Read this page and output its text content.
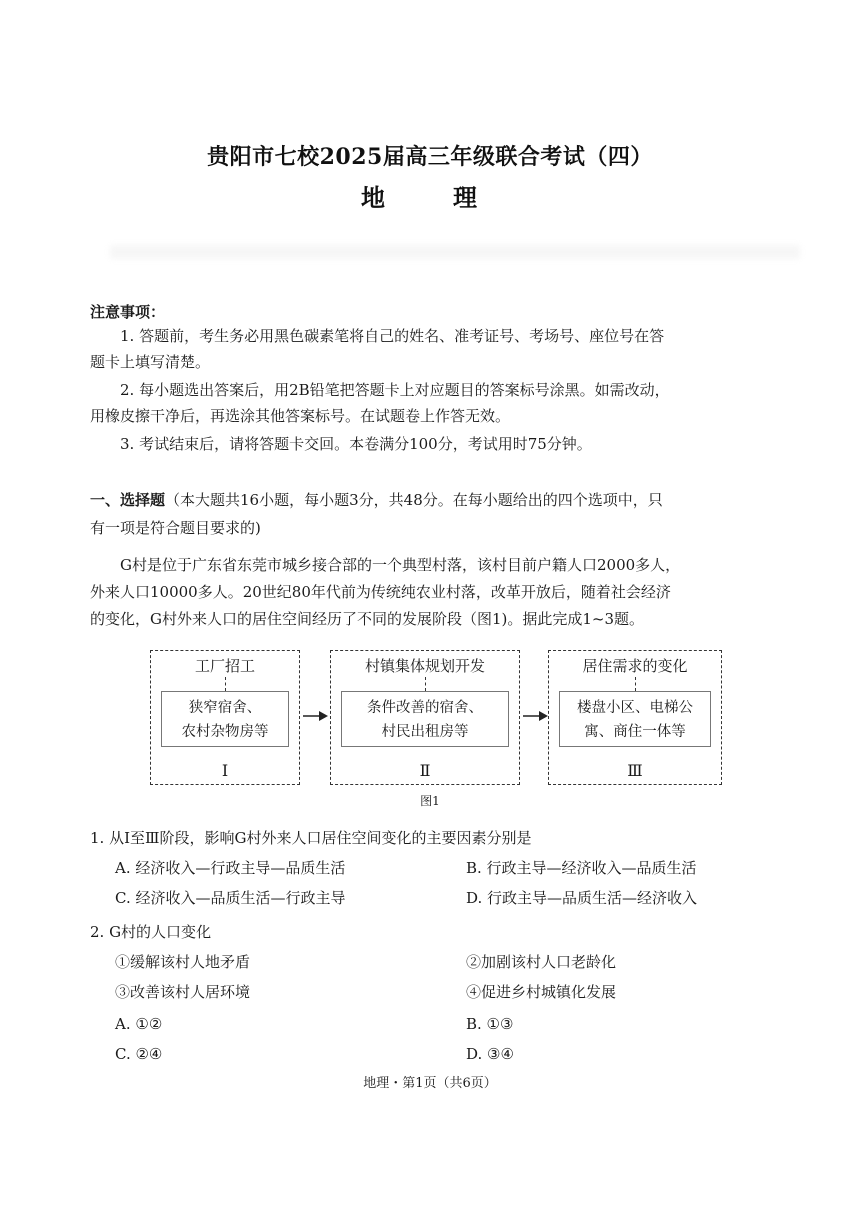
贵阳市七校2025届高三年级联合考试（四）
地　理
注意事项：
1. 答题前，考生务必用黑色碳素笔将自己的姓名、准考证号、考场号、座位号在答
题卡上填写清楚。
2. 每小题选出答案后，用2B铅笔把答题卡上对应题目的答案标号涂黑。如需改动，
用橡皮擦干净后，再选涂其他答案标号。在试题卷上作答无效。
3. 考试结束后，请将答题卡交回。本卷满分100分，考试用时75分钟。
一、选择题（本大题共16小题，每小题3分，共48分。在每小题给出的四个选项中，只
有一项是符合题目要求的)
G村是位于广东省东莞市城乡接合部的一个典型村落，该村目前户籍人口2000多人，
外来人口10000多人。20世纪80年代前为传统纯农业村落，改革开放后，随着社会经济
的变化，G村外来人口的居住空间经历了不同的发展阶段（图1)。据此完成1~3题。
工厂招工
狭窄宿舍、
农村杂物房等
Ⅰ
村镇集体规划开发
条件改善的宿舍、
村民出租房等
Ⅱ
居住需求的变化
楼盘小区、电梯公
寓、商住一体等
Ⅲ
图1
1. 从Ⅰ至Ⅲ阶段，影响G村外来人口居住空间变化的主要因素分别是
A. 经济收入—行政主导—品质生活	B. 行政主导—经济收入—品质生活
C. 经济收入—品质生活—行政主导	D. 行政主导—品质生活—经济收入
2. G村的人口变化
①缓解该村人地矛盾	②加剧该村人口老龄化
③改善该村人居环境	④促进乡村城镇化发展
A. ①②	B. ①③
C. ②④	D. ③④
地理・第1页（共6页）
